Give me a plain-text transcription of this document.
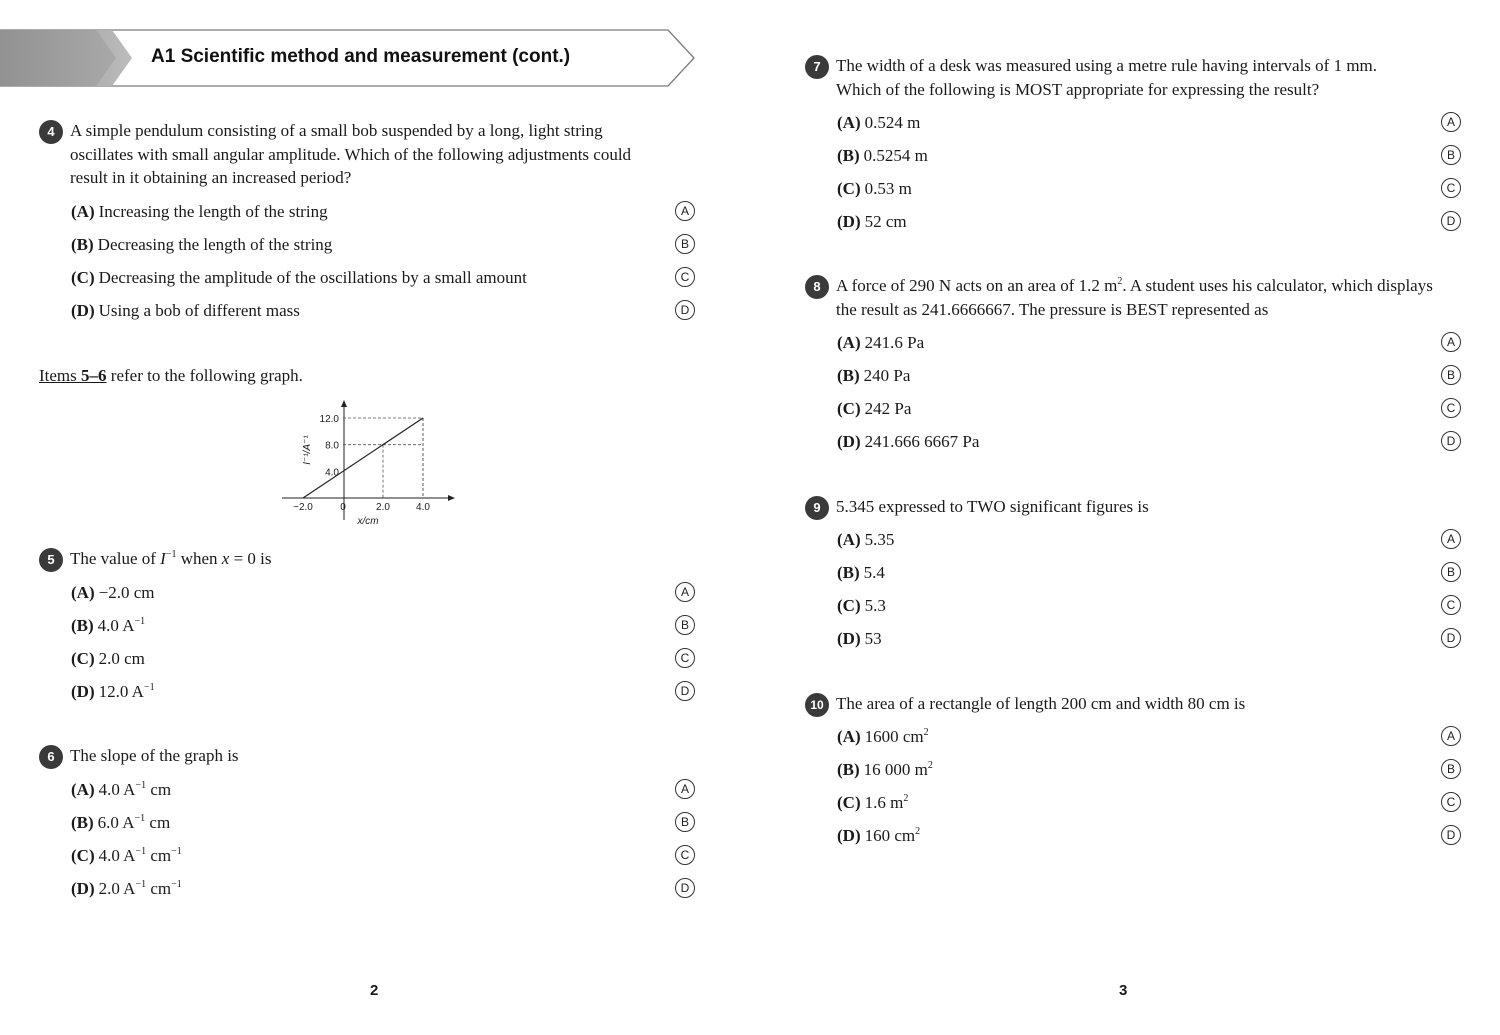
A1 Scientific method and measurement (cont.)
4 A simple pendulum consisting of a small bob suspended by a long, light string
oscillates with small angular amplitude. Which of the following adjustments could
result in it obtaining an increased period?
(A) Increasing the length of the string
(B) Decreasing the length of the string
(C) Decreasing the amplitude of the oscillations by a small amount
(D) Using a bob of different mass
A
B
C
D
Items 5–6 refer to the following graph.
12.0
8.0
4.0
−2.0	0	2.0	4.0
x/cm
I⁻¹/A⁻¹
5 The value of $I^{-1}$ when x = 0 is
(A) −2.0 cm
(B) 4.0 $A^{-1}$
(C) 2.0 cm
(D) 12.0 $A^{-1}$
A
B
C
D
6 The slope of the graph is
(A) 4.0 $A^{-1}$ cm
(B) 6.0 $A^{-1}$ cm
(C) 4.0 $A^{-1}$ $cm^{-1}$
(D) 2.0 $A^{-1}$ $cm^{-1}$
A
B
C
D
2
7 The width of a desk was measured using a metre rule having intervals of 1 mm.
Which of the following is MOST appropriate for expressing the result?
(A) 0.524 m
(B) 0.5254 m
(C) 0.53 m
(D) 52 cm
A
B
C
D
8 A force of 290 N acts on an area of 1.2 $m^2$. A student uses his calculator, which displays
the result as 241.6666667. The pressure is BEST represented as
(A) 241.6 Pa
(B) 240 Pa
(C) 242 Pa
(D) 241.666 6667 Pa
A
B
C
D
9 5.345 expressed to TWO significant figures is
(A) 5.35
(B) 5.4
(C) 5.3
(D) 53
A
B
C
D
10 The area of a rectangle of length 200 cm and width 80 cm is
(A) 1600 $cm^2$
(B) 16 000 $m^2$
(C) 1.6 $m^2$
(D) 160 $cm^2$
A
B
C
D
3
